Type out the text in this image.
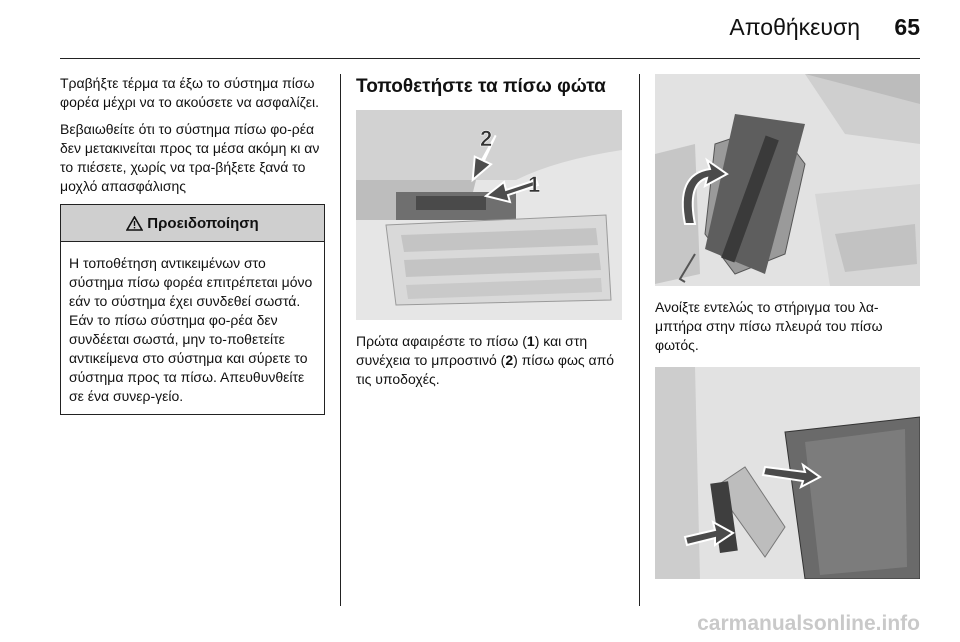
Αποθήκευση 65

Τραβήξτε τέρμα τα έξω το σύστημα πίσω φορέα μέχρι να το ακούσετε να ασφαλίζει.

Βεβαιωθείτε ότι το σύστημα πίσω φο-ρέα δεν μετακινείται προς τα μέσα ακόμη κι αν το πιέσετε, χωρίς να τρα-βήξετε ξανά το μοχλό απασφάλισης

Προειδοποίηση
Η τοποθέτηση αντικειμένων στο σύστημα πίσω φορέα επιτρέπεται μόνο εάν το σύστημα έχει συνδεθεί σωστά. Εάν το πίσω σύστημα φο-ρέα δεν συνδέεται σωστά, μην το-ποθετείτε αντικείμενα στο σύστημα και σύρετε το σύστημα προς τα πίσω. Απευθυνθείτε σε ένα συνερ-γείο.
Τοποθετήστε τα πίσω φώτα
2
1

Πρώτα αφαιρέστε το πίσω (1) και στη συνέχεια το μπροστινό (2) πίσω φως από τις υποδοχές.

Ανοίξτε εντελώς το στήριγμα του λα-μπτήρα στην πίσω πλευρά του πίσω φωτός.

carmanualsonline.info
